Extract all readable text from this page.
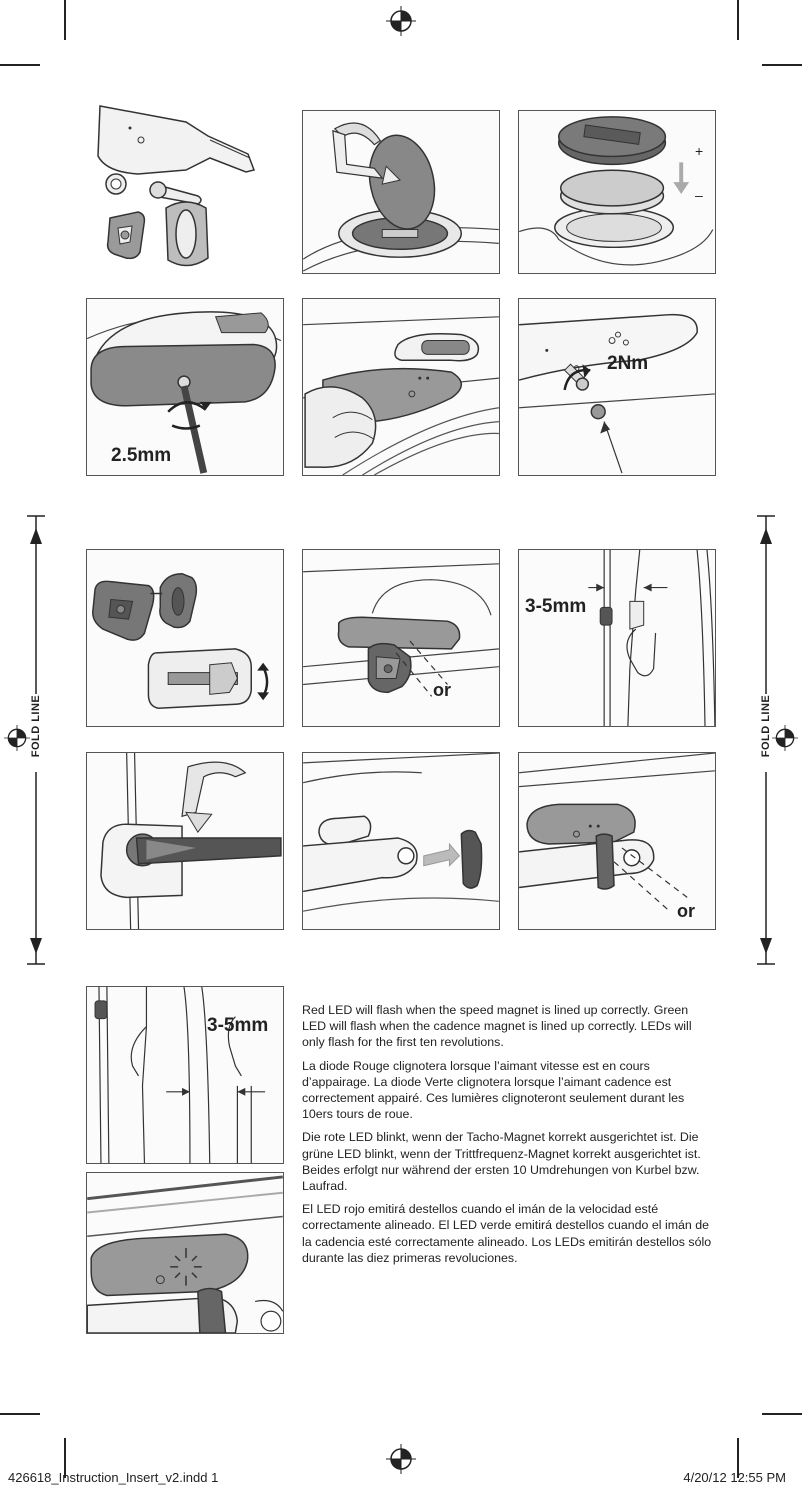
FOLD LINE	FOLD LINE
+
–
2.5mm
2Nm
or
3-5mm
or
3-5mm

Red LED will flash when the speed magnet is lined up correctly. Green LED will flash when the cadence magnet is lined up correctly. LEDs will only flash for the first ten revolutions.

La diode Rouge clignotera lorsque l’aimant vitesse est en cours d’appairage. La diode Verte clignotera lorsque l’aimant cadence est correctement appairé. Ces lumières clignoteront seulement durant les 10ers tours de roue.

Die rote LED blinkt, wenn der Tacho-Magnet korrekt ausgerichtet ist. Die grüne LED blinkt, wenn der Trittfrequenz-Magnet korrekt ausgerichtet ist. Beides erfolgt nur während der ersten 10 Umdrehungen von Kurbel bzw. Laufrad.

El LED rojo emitirá destellos cuando el imán de la velocidad esté correctamente alineado. El LED verde emitirá destellos cuando el imán de la cadencia esté correctamente alineado. Los LEDs emitirán destellos sólo durante las diez primeras revoluciones.

426618_Instruction_Insert_v2.indd 1	4/20/12 12:55 PM
